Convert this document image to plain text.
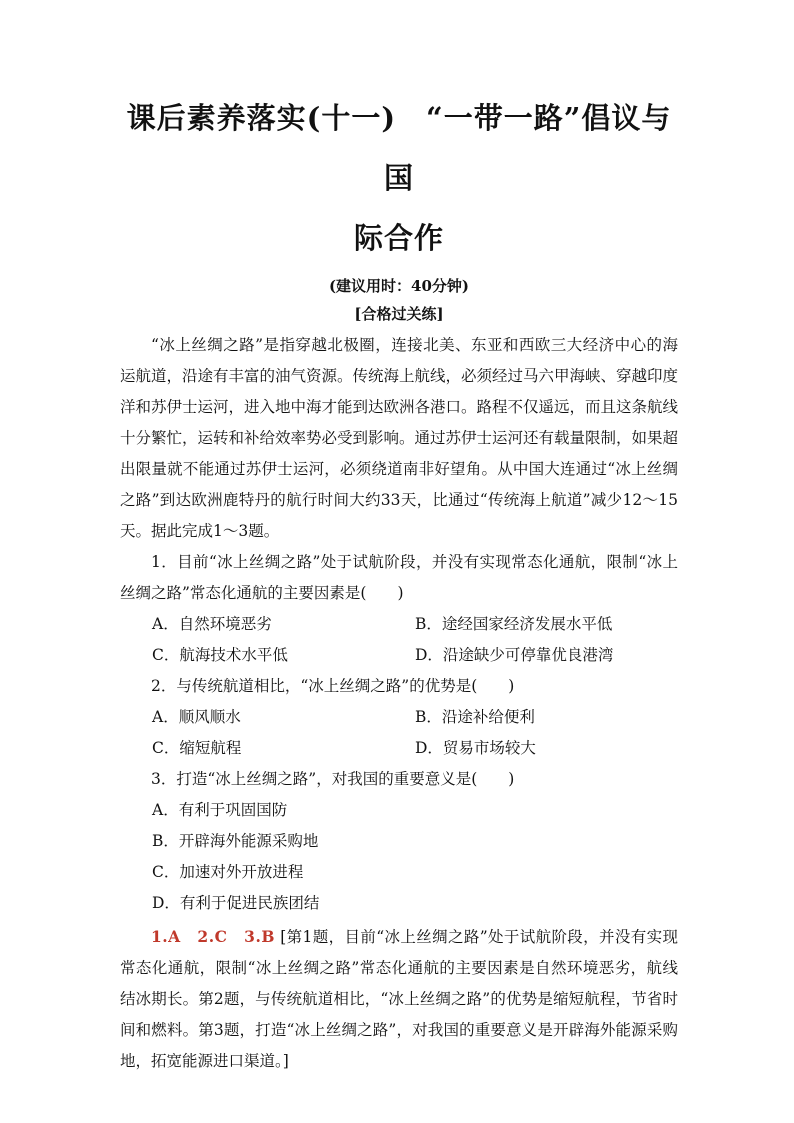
课后素养落实(十一)　“一带一路”倡议与国
际合作
(建议用时：40分钟)
[合格过关练]

“冰上丝绸之路”是指穿越北极圈，连接北美、东亚和西欧三大经济中心的海运航道，沿途有丰富的油气资源。传统海上航线，必须经过马六甲海峡、穿越印度洋和苏伊士运河，进入地中海才能到达欧洲各港口。路程不仅遥远，而且这条航线十分繁忙，运转和补给效率势必受到影响。通过苏伊士运河还有载量限制，如果超出限量就不能通过苏伊士运河，必须绕道南非好望角。从中国大连通过“冰上丝绸之路”到达欧洲鹿特丹的航行时间大约33天，比通过“传统海上航道”减少12～15天。据此完成1～3题。

1．目前“冰上丝绸之路”处于试航阶段，并没有实现常态化通航，限制“冰上丝绸之路”常态化通航的主要因素是(　　)
A．自然环境恶劣	B．途经国家经济发展水平低
C．航海技术水平低	D．沿途缺少可停靠优良港湾
2．与传统航道相比，“冰上丝绸之路”的优势是(　　)
A．顺风顺水	B．沿途补给便利
C．缩短航程	D．贸易市场较大
3．打造“冰上丝绸之路”，对我国的重要意义是(　　)
A．有利于巩固国防
B．开辟海外能源采购地
C．加速对外开放进程
D．有利于促进民族团结

1.A　2.C　3.B [第1题，目前“冰上丝绸之路”处于试航阶段，并没有实现常态化通航，限制“冰上丝绸之路”常态化通航的主要因素是自然环境恶劣，航线结冰期长。第2题，与传统航道相比，“冰上丝绸之路”的优势是缩短航程，节省时间和燃料。第3题，打造“冰上丝绸之路”，对我国的重要意义是开辟海外能源采购地，拓宽能源进口渠道。]
